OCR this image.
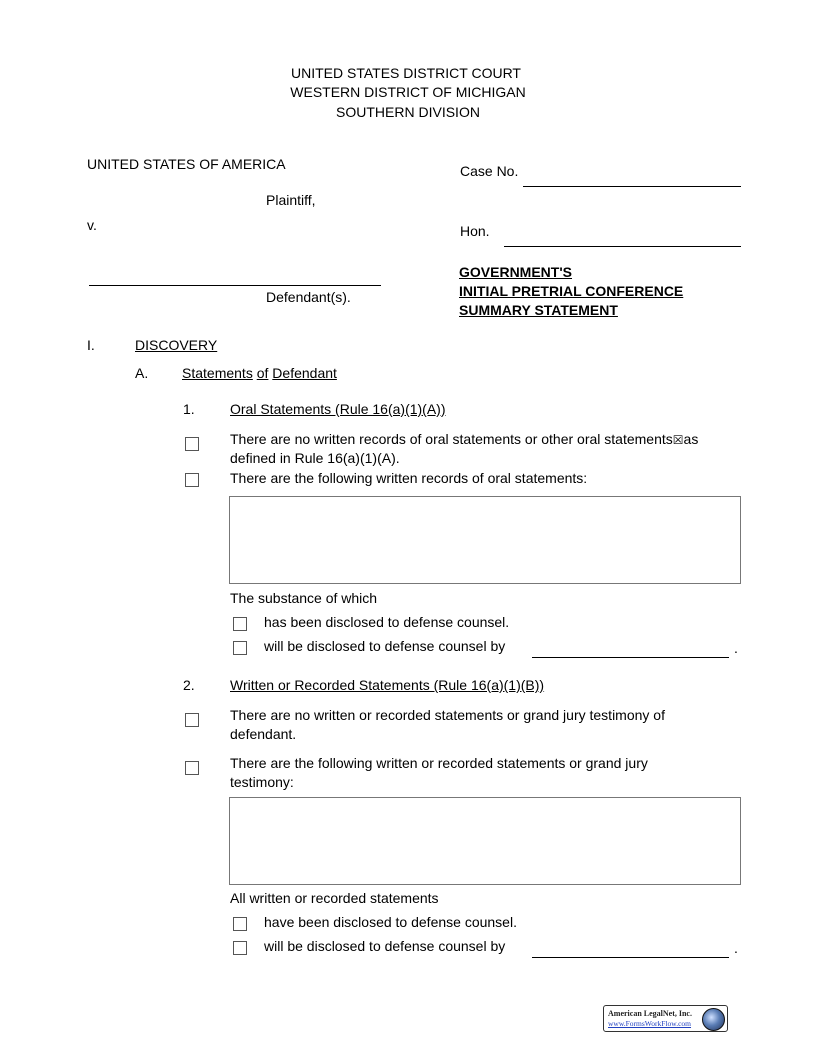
UNITED STATES DISTRICT COURT
WESTERN DISTRICT OF MICHIGAN
SOUTHERN DIVISION
UNITED STATES OF AMERICA
Plaintiff,
v.
Defendant(s).
Case No.
Hon.
GOVERNMENT'S
INITIAL PRETRIAL CONFERENCE
SUMMARY STATEMENT
I.	DISCOVERY
A. Statements of Defendant
1.	Oral Statements (Rule 16(a)(1)(A))
There are no written records of oral statements or other oral statements☒as
defined in Rule 16(a)(1)(A).
There are the following written records of oral statements:
The substance of which
has been disclosed to defense counsel.
will be disclosed to defense counsel by	.
2.	Written or Recorded Statements (Rule 16(a)(1)(B))
There are no written or recorded statements or grand jury testimony of
defendant.
There are the following written or recorded statements or grand jury
testimony:
All written or recorded statements
have been disclosed to defense counsel.
will be disclosed to defense counsel by	.
American LegalNet, Inc.
www.FormsWorkFlow.com
